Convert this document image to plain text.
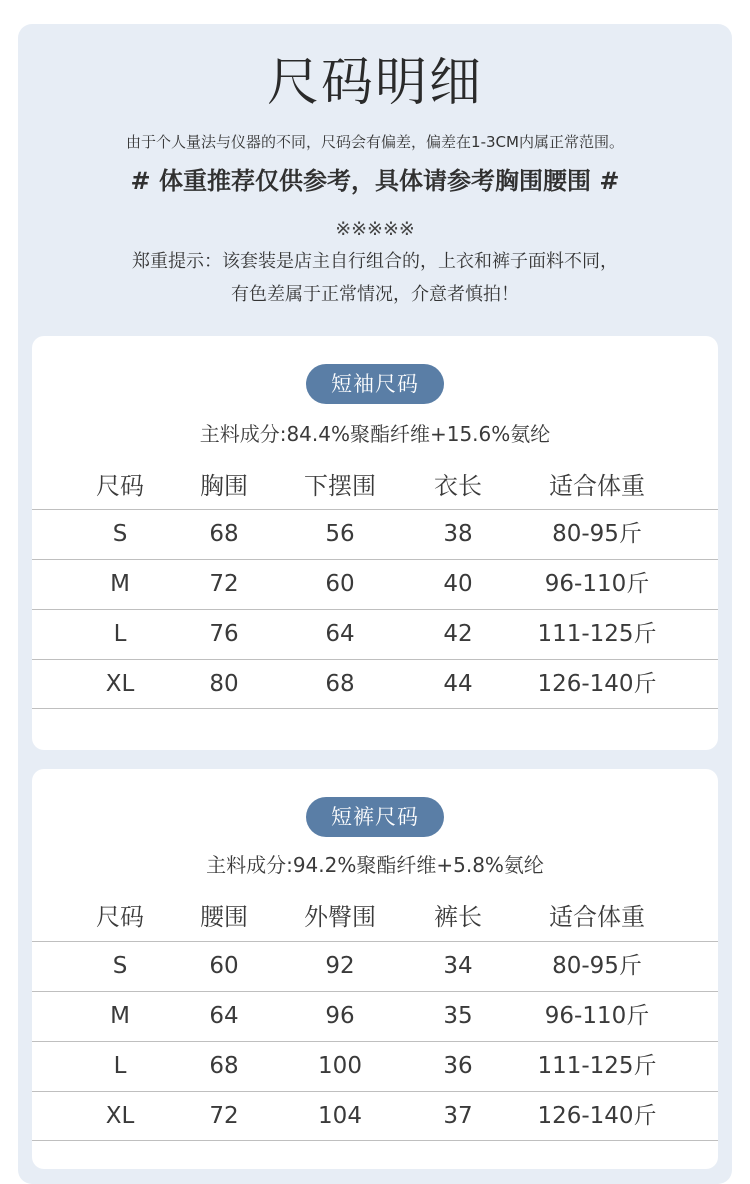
尺码明细
由于个人量法与仪器的不同，尺码会有偏差，偏差在1-3CM内属正常范围。
# 体重推荐仅供参考，具体请参考胸围腰围 #
※※※※※
郑重提示：该套装是店主自行组合的，上衣和裤子面料不同，
有色差属于正常情况，介意者慎拍！
短袖尺码
主料成分:84.4%聚酯纤维+15.6%氨纶
尺码	胸围	下摆围	衣长	适合体重
S	68	56	38	80-95斤
M	72	60	40	96-110斤
L	76	64	42	111-125斤
XL	80	68	44	126-140斤
短裤尺码
主料成分:94.2%聚酯纤维+5.8%氨纶
尺码	腰围	外臀围	裤长	适合体重
S	60	92	34	80-95斤
M	64	96	35	96-110斤
L	68	100	36	111-125斤
XL	72	104	37	126-140斤
